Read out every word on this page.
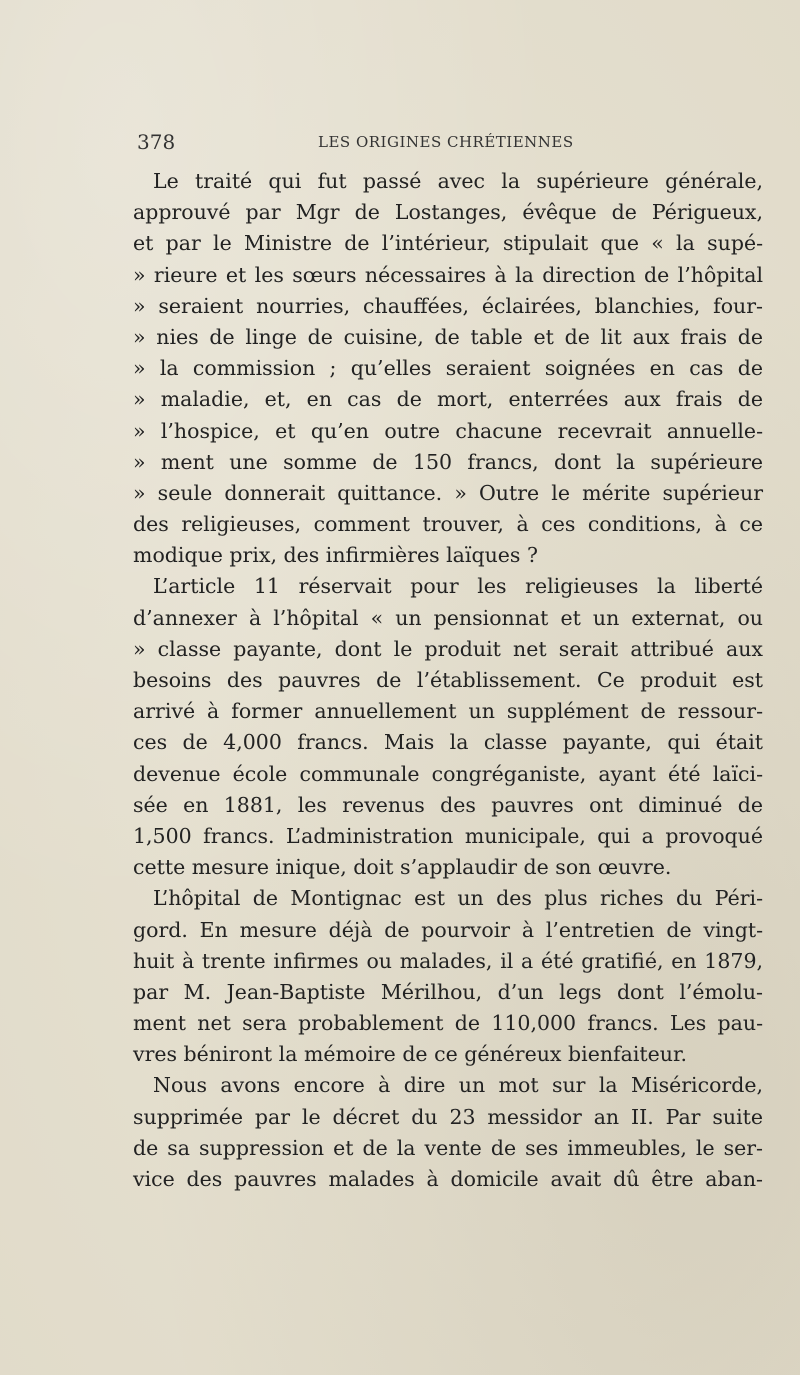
378	LES ORIGINES CHRÉTIENNES
Le traité qui fut passé avec la supérieure générale,
approuvé par Mgr de Lostanges, évêque de Périgueux,
et par le Ministre de l’intérieur, stipulait que « la supé-
» rieure et les sœurs nécessaires à la direction de l’hôpital
» seraient nourries, chauffées, éclairées, blanchies, four-
» nies de linge de cuisine, de table et de lit aux frais de
» la commission ; qu’elles seraient soignées en cas de
» maladie, et, en cas de mort, enterrées aux frais de
» l’hospice, et qu’en outre chacune recevrait annuelle-
» ment une somme de 150 francs, dont la supérieure
» seule donnerait quittance. » Outre le mérite supérieur
des religieuses, comment trouver, à ces conditions, à ce
modique prix, des infirmières laïques ?
L’article 11 réservait pour les religieuses la liberté
d’annexer à l’hôpital « un pensionnat et un externat, ou
» classe payante, dont le produit net serait attribué aux
besoins des pauvres de l’établissement. Ce produit est
arrivé à former annuellement un supplément de ressour-
ces de 4,000 francs. Mais la classe payante, qui était
devenue école communale congréganiste, ayant été laïci-
sée en 1881, les revenus des pauvres ont diminué de
1,500 francs. L’administration municipale, qui a provoqué
cette mesure inique, doit s’applaudir de son œuvre.
L’hôpital de Montignac est un des plus riches du Péri-
gord. En mesure déjà de pourvoir à l’entretien de vingt-
huit à trente infirmes ou malades, il a été gratifié, en 1879,
par M. Jean-Baptiste Mérilhou, d’un legs dont l’émolu-
ment net sera probablement de 110,000 francs. Les pau-
vres béniront la mémoire de ce généreux bienfaiteur.
Nous avons encore à dire un mot sur la Miséricorde,
supprimée par le décret du 23 messidor an II. Par suite
de sa suppression et de la vente de ses immeubles, le ser-
vice des pauvres malades à domicile avait dû être aban-
